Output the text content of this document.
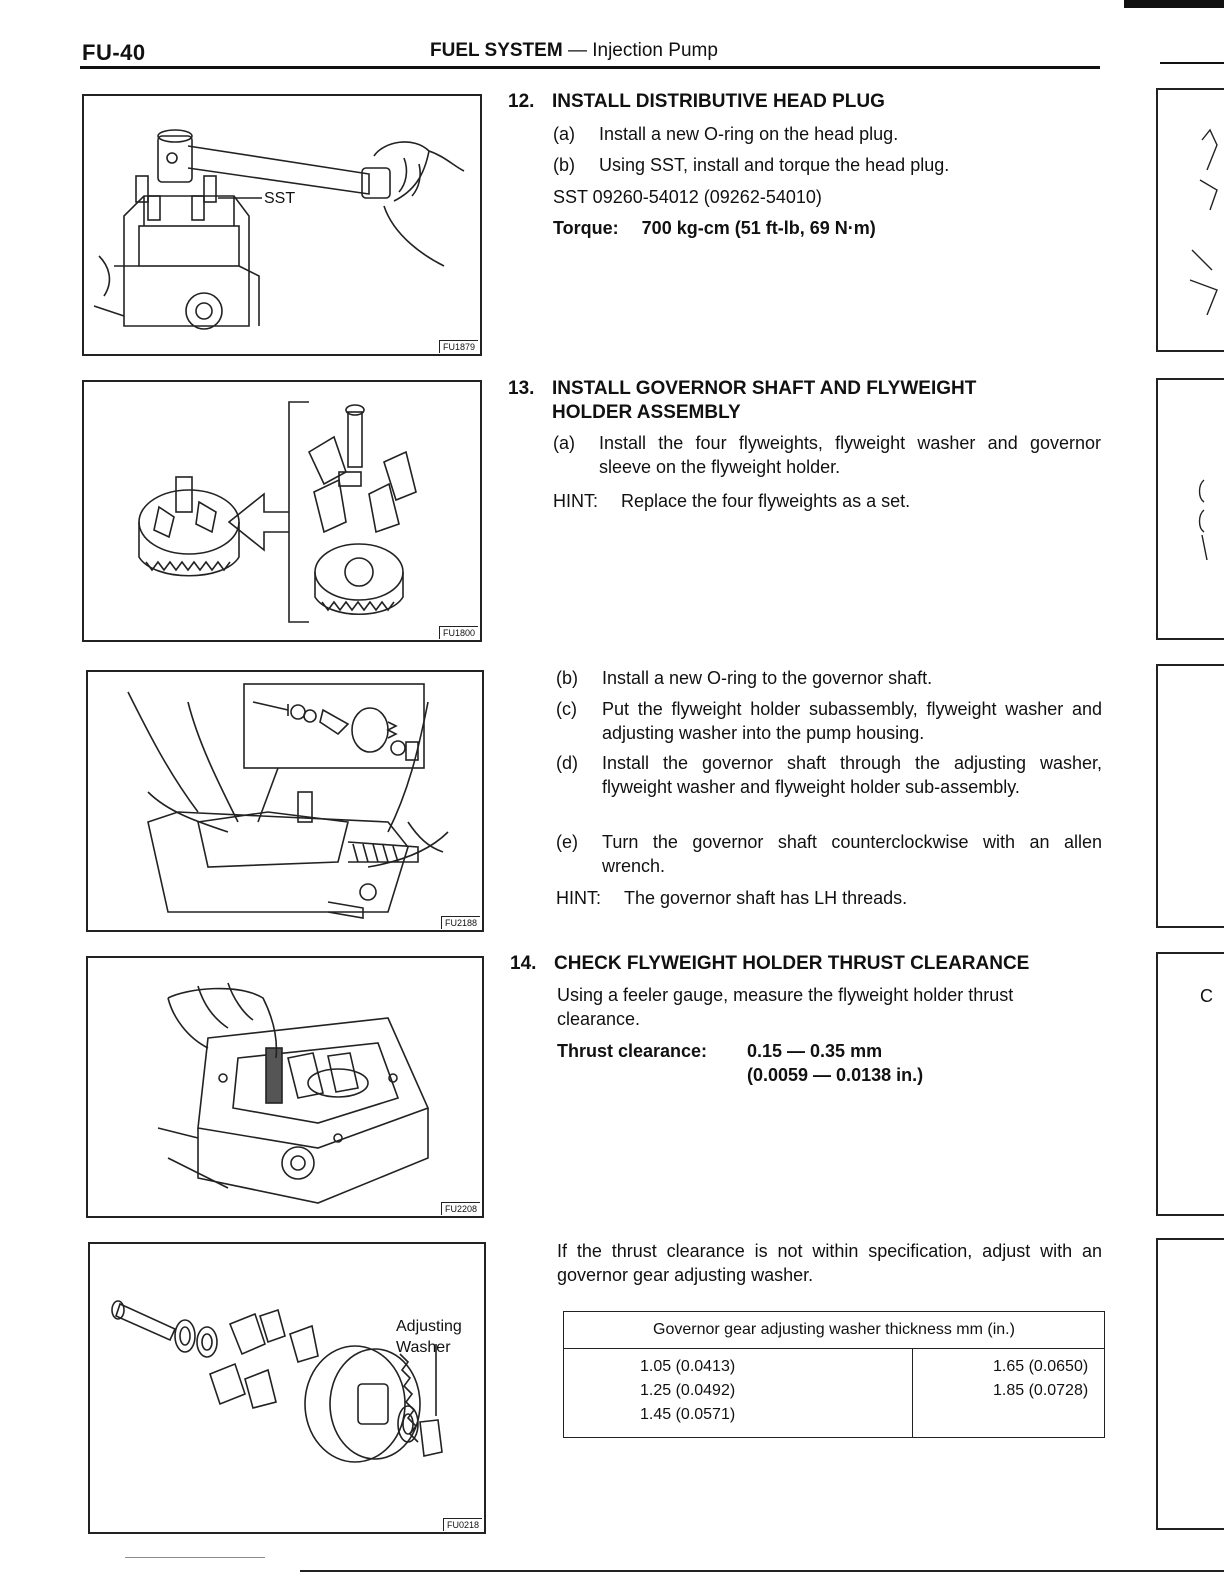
FU-40	FUEL SYSTEM — Injection Pump
SST
FU1879
FU1800
FU2188
FU2208
Adjusting
Washer
FU0218
12. INSTALL DISTRIBUTIVE HEAD PLUG
(a) Install a new O-ring on the head plug.
(b) Using SST, install and torque the head plug.
SST 09260-54012 (09262-54010)
Torque: 700 kg-cm (51 ft-lb, 69 N·m)
13. INSTALL GOVERNOR SHAFT AND FLYWEIGHT
HOLDER ASSEMBLY
(a) Install the four flyweights, flyweight washer and governor sleeve on the flyweight holder.
HINT: Replace the four flyweights as a set.
(b) Install a new O-ring to the governor shaft.
(c) Put the flyweight holder subassembly, flyweight washer and adjusting washer into the pump housing.
(d) Install the governor shaft through the adjusting washer, flyweight washer and flyweight holder sub-assembly.
(e) Turn the governor shaft counterclockwise with an allen wrench.
HINT: The governor shaft has LH threads.
14. CHECK FLYWEIGHT HOLDER THRUST CLEARANCE
Using a feeler gauge, measure the flyweight holder thrust clearance.
Thrust clearance: 0.15 — 0.35 mm
(0.0059 — 0.0138 in.)
If the thrust clearance is not within specification, adjust with an governor gear adjusting washer.
Governor gear adjusting washer thickness mm (in.)

1.05 (0.0413)
1.25 (0.0492)
1.45 (0.0571)

1.65 (0.0650)
1.85 (0.0728)
C
